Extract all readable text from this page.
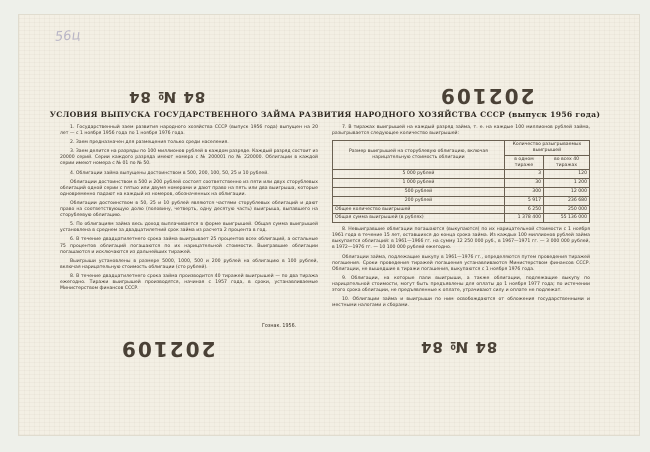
56ц
84 № 84	202109
202109	84 № 84
УСЛОВИЯ ВЫПУСКА ГОСУДАРСТВЕННОГО ЗАЙМА РАЗВИТИЯ НАРОДНОГО ХОЗЯЙСТВА СССР (выпуск 1956 года)

1. Государственный заем развития народного хозяйства СССР (выпуск 1956 года) выпущен на 20 лет — с 1 ноября 1956 года по 1 ноября 1976 года.

2. Заем предназначен для размещения только среди населения.

3. Заем делится на разряды по 100 миллионов рублей в каждом разряде. Каждый разряд состоит из 20000 серий. Серии каждого разряда имеют номера с № 200001 по № 220000. Облигации в каждой серии имеют номера с № 01 по № 50.

4. Облигации займа выпущены достоинством в 500, 200, 100, 50, 25 и 10 рублей.

Облигации достоинством в 500 и 200 рублей состоят соответственно из пяти или двух сторублевых облигаций одной серии с пятью или двумя номерами и дают право на пять или два выигрыша, которые одновременно падают на каждый из номеров, обозначенных на облигации.

Облигации достоинством в 50, 25 и 10 рублей являются частями сторублевых облигаций и дают право на соответствующую долю (половину, четверть, одну десятую часть) выигрыша, выпавшего на сторублевую облигацию.

5. По облигациям займа весь доход выплачивается в форме выигрышей. Общая сумма выигрышей установлена в среднем за двадцатилетний срок займа из расчета 2 процента в год.

6. В течение двадцатилетнего срока займа выигрывает 25 процентов всех облигаций, а остальные 75 процентов облигаций погашаются по их нарицательной стоимости. Выигравшие облигации погашаются и исключаются из дальнейших тиражей.

Выигрыши установлены в размере 5000, 1000, 500 и 200 рублей на облигацию в 100 рублей, включая нарицательную стоимость облигации (сто рублей).

8. В течение двадцатилетнего срока займа производится 40 тиражей выигрышей — по два тиража ежегодно. Тиражи выигрышей производятся, начиная с 1957 года, в сроки, устанавливаемые Министерством финансов СССР.

Гознак. 1956.

7. В тиражах выигрышей на каждый разряд займа, т. е. на каждые 100 миллионов рублей займа, разыгрывается следующее количество выигрышей:

Размер выигрышей на сторублевую облигацию, включая нарицательную стоимость облигации	Количество разыгрываемых выигрышей	
	в одном тираже	во всех 40 тиражах
5 000 рублей	3	120
1 000 рублей	30	1 200
500 рублей	300	12 000
200 рублей	5 917	236 680
Общее количество выигрышей	6 250	250 000
Общая сумма выигрышей (в рублях)	1 378 400	55 136 000

8. Невыигравшие облигации погашаются (выкупаются) по их нарицательной стоимости с 1 ноября 1961 года в течение 15 лет, оставшихся до конца срока займа. Из каждых 100 миллионов рублей займа выкупается облигаций: в 1961—1966 гг. на сумму 12 250 000 руб., в 1967—1971 гг. — 3 000 000 рублей, в 1972—1976 гг. — 10 100 000 рублей ежегодно.

Облигации займа, подлежащие выкупу в 1961—1976 гг., определяются путем проведения тиражей погашения. Сроки проведения тиражей погашения устанавливаются Министерством финансов СССР. Облигации, не вышедшие в тиражи погашения, выкупаются с 1 ноября 1976 года.

9. Облигации, на которые пали выигрыши, а также облигации, подлежащие выкупу по нарицательной стоимости, могут быть предъявлены для оплаты до 1 ноября 1977 года; по истечении этого срока облигации, не предъявленные к оплате, утрачивают силу и оплате не подлежат.

10. Облигации займа и выигрыши по ним освобождаются от обложения государственными и местными налогами и сборами.
